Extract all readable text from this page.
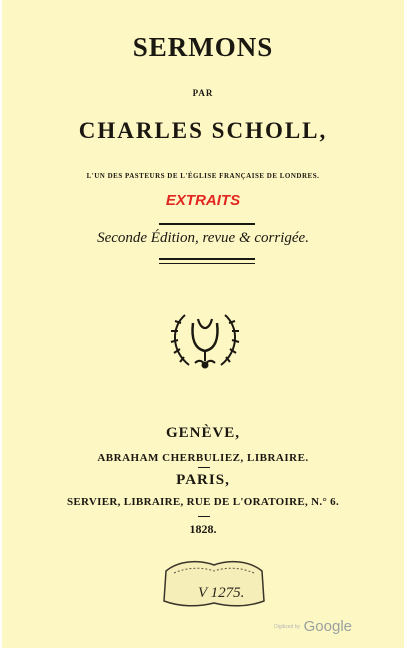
SERMONS
PAR
CHARLES SCHOLL,
L'UN DES PASTEURS DE L'ÉGLISE FRANÇAISE DE LONDRES.
EXTRAITS
Seconde Édition, revue & corrigée.
GENÈVE,
ABRAHAM CHERBULIEZ, LIBRAIRE.
PARIS,
SERVIER, LIBRAIRE, RUE DE L'ORATOIRE, N.° 6.
1828.
V 1275.
Digitized by Google
